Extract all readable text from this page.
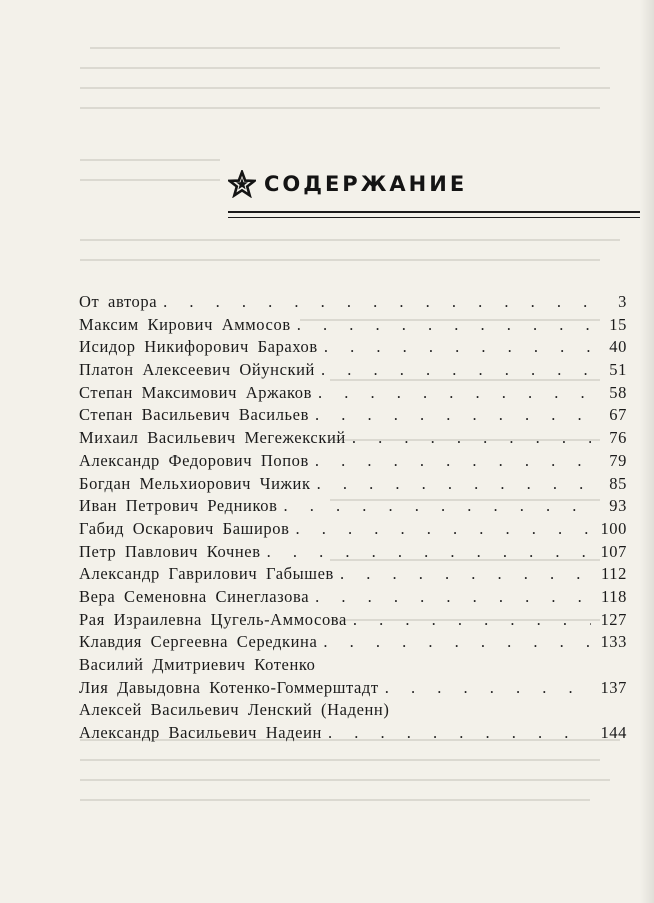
СОДЕРЖАНИЕ
От автора . . .	3
Максим Кирович Аммосов . . .	15
Исидор Никифорович Барахов . . .	40
Платон Алексеевич Ойунский . . .	51
Степан Максимович Аржаков . . .	58
Степан Васильевич Васильев . . .	67
Михаил Васильевич Мегежекский . . .	76
Александр Федорович Попов . . .	79
Богдан Мельхиорович Чижик . . .	85
Иван Петрович Редников . . .	93
Габид Оскарович Баширов . . .	100
Петр Павлович Кочнев . . .	107
Александр Гаврилович Габышев . . .	112
Вера Семеновна Синеглазова . . .	118
Рая Израилевна Цугель-Аммосова . . .	127
Клавдия Сергеевна Середкина . . .	133
Василий Дмитриевич Котенко
Лия Давыдовна Котенко-Гоммерштадт . . .	137
Алексей Васильевич Ленский (Наденн)
Александр Васильевич Надеин . . .	144
